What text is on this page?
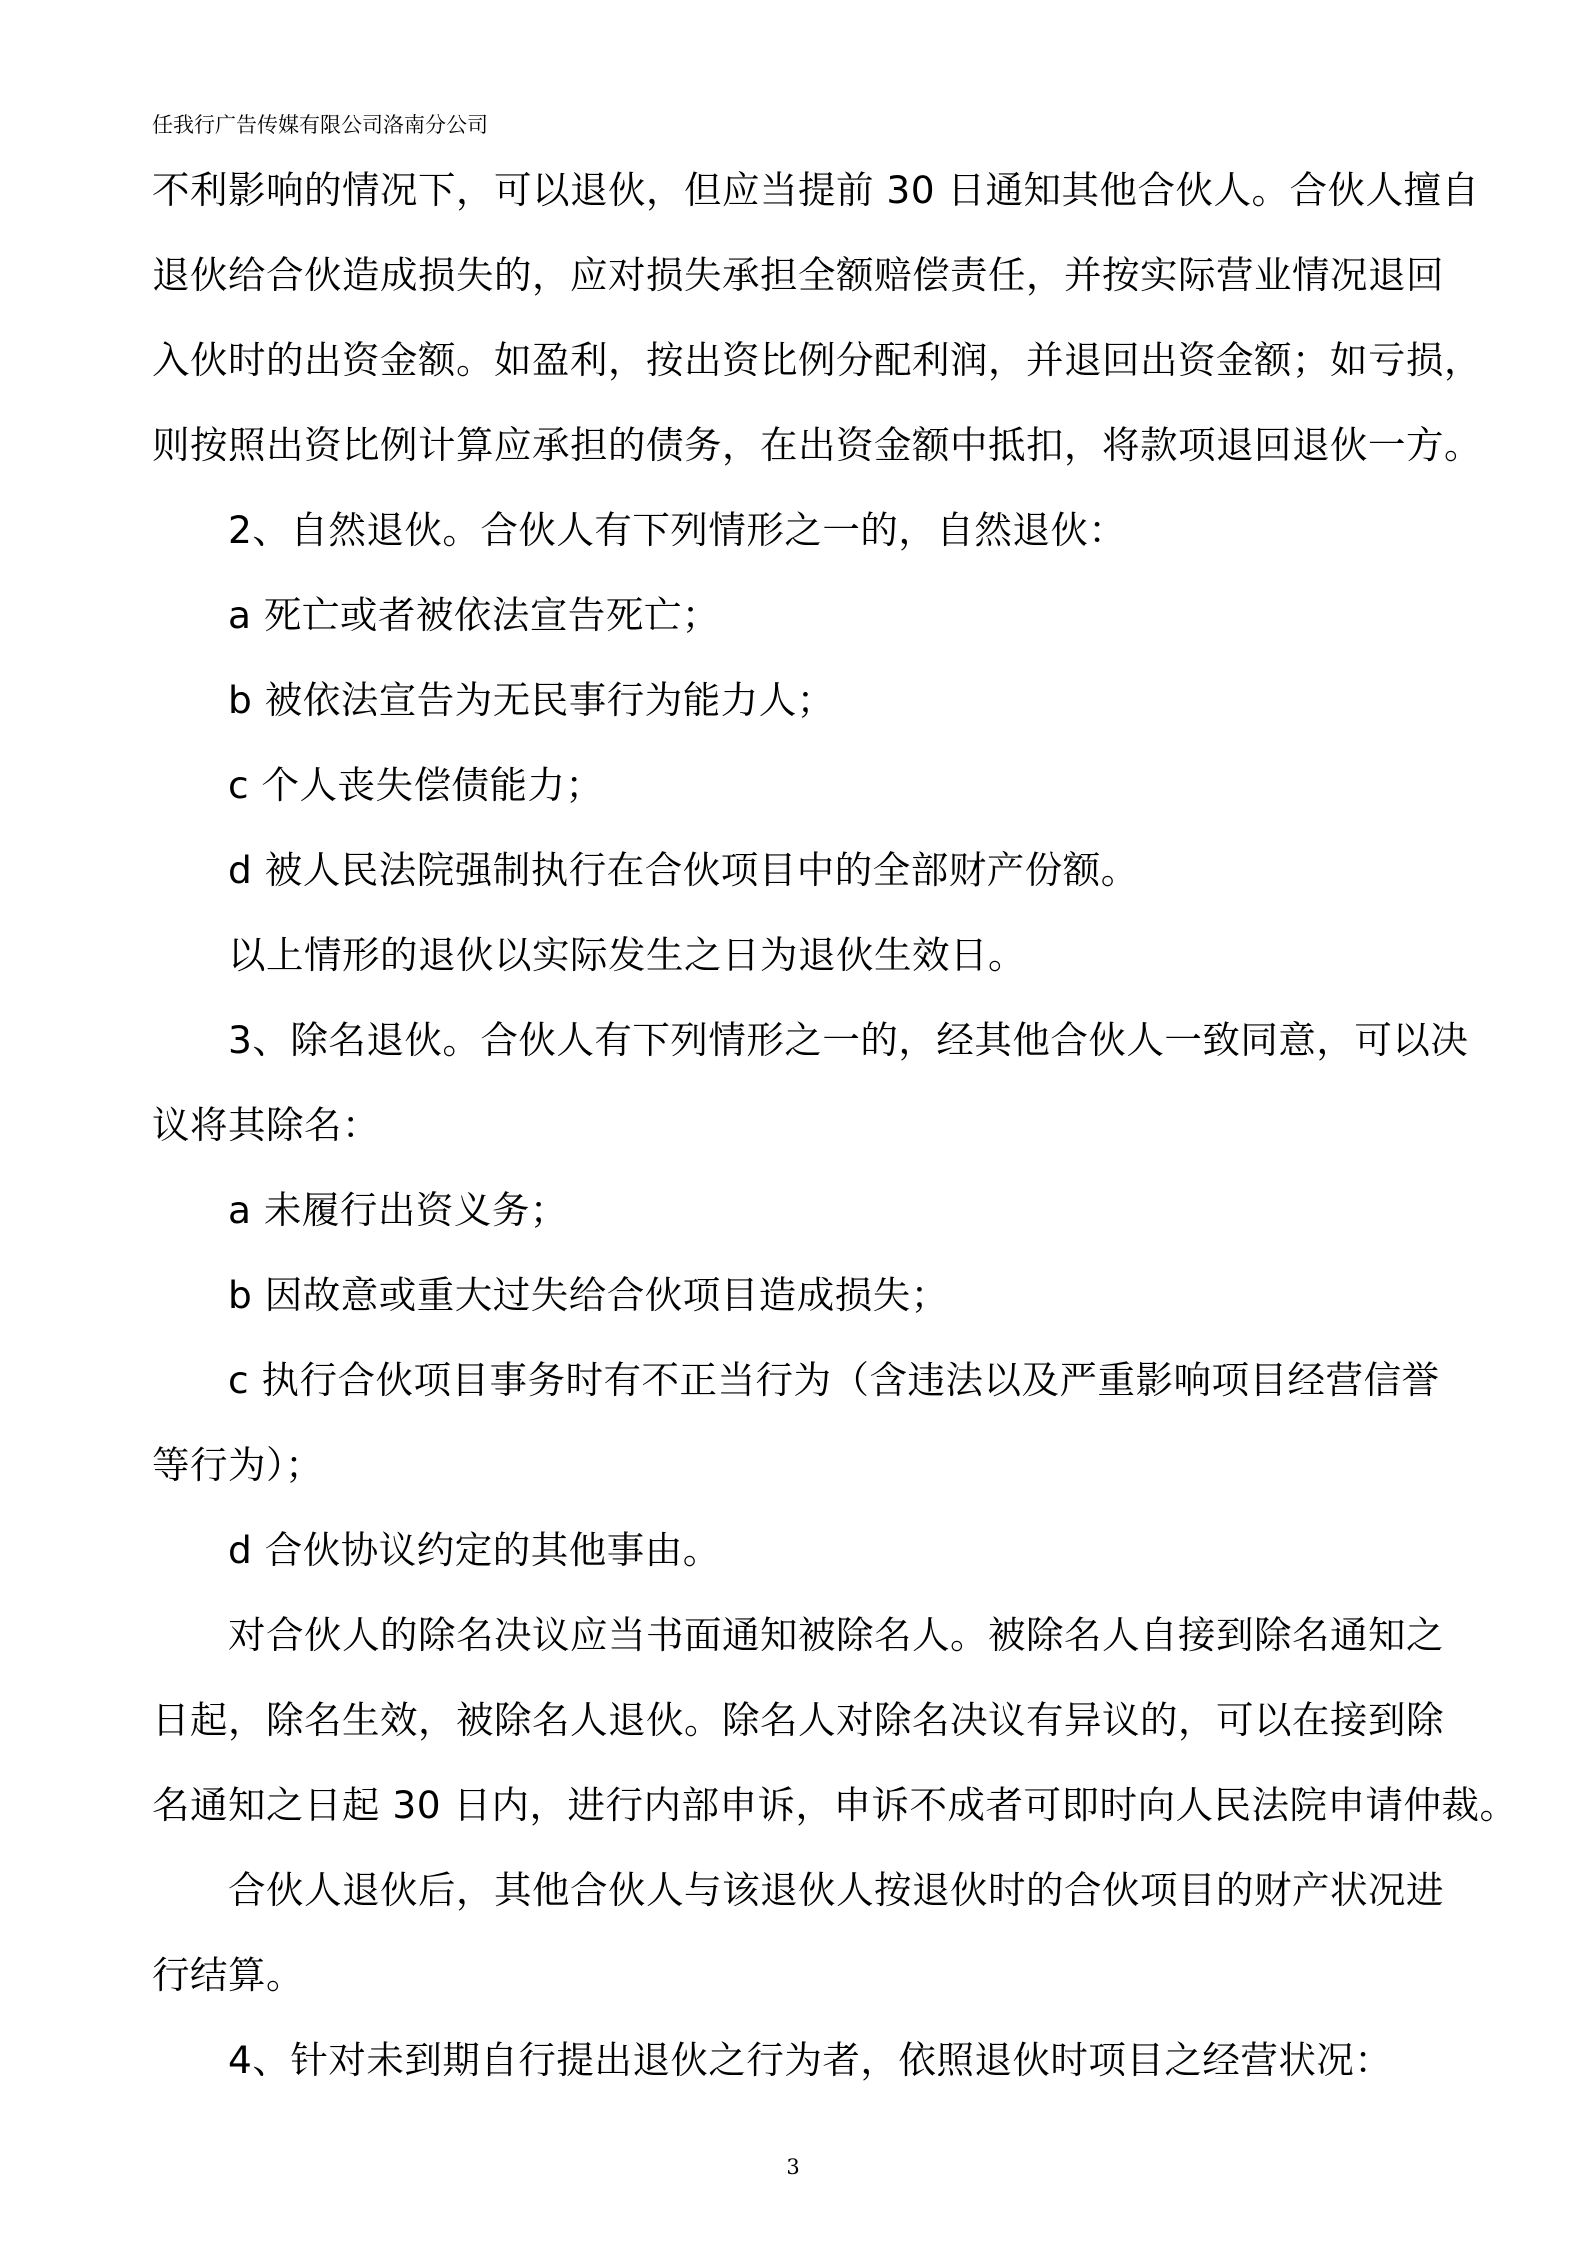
任我行广告传媒有限公司洛南分公司
不利影响的情况下，可以退伙，但应当提前 30 日通知其他合伙人。合伙人擅自
退伙给合伙造成损失的，应对损失承担全额赔偿责任，并按实际营业情况退回
入伙时的出资金额。如盈利，按出资比例分配利润，并退回出资金额；如亏损，
则按照出资比例计算应承担的债务，在出资金额中抵扣，将款项退回退伙一方。
2、自然退伙。合伙人有下列情形之一的，自然退伙：
a 死亡或者被依法宣告死亡；
b 被依法宣告为无民事行为能力人；
c 个人丧失偿债能力；
d 被人民法院强制执行在合伙项目中的全部财产份额。
以上情形的退伙以实际发生之日为退伙生效日。
3、除名退伙。合伙人有下列情形之一的，经其他合伙人一致同意，可以决
议将其除名：
a 未履行出资义务；
b 因故意或重大过失给合伙项目造成损失；
c 执行合伙项目事务时有不正当行为（含违法以及严重影响项目经营信誉
等行为）；
d 合伙协议约定的其他事由。
对合伙人的除名决议应当书面通知被除名人。被除名人自接到除名通知之
日起，除名生效，被除名人退伙。除名人对除名决议有异议的，可以在接到除
名通知之日起 30 日内，进行内部申诉，申诉不成者可即时向人民法院申请仲裁。
合伙人退伙后，其他合伙人与该退伙人按退伙时的合伙项目的财产状况进
行结算。
4、针对未到期自行提出退伙之行为者，依照退伙时项目之经营状况：
3
